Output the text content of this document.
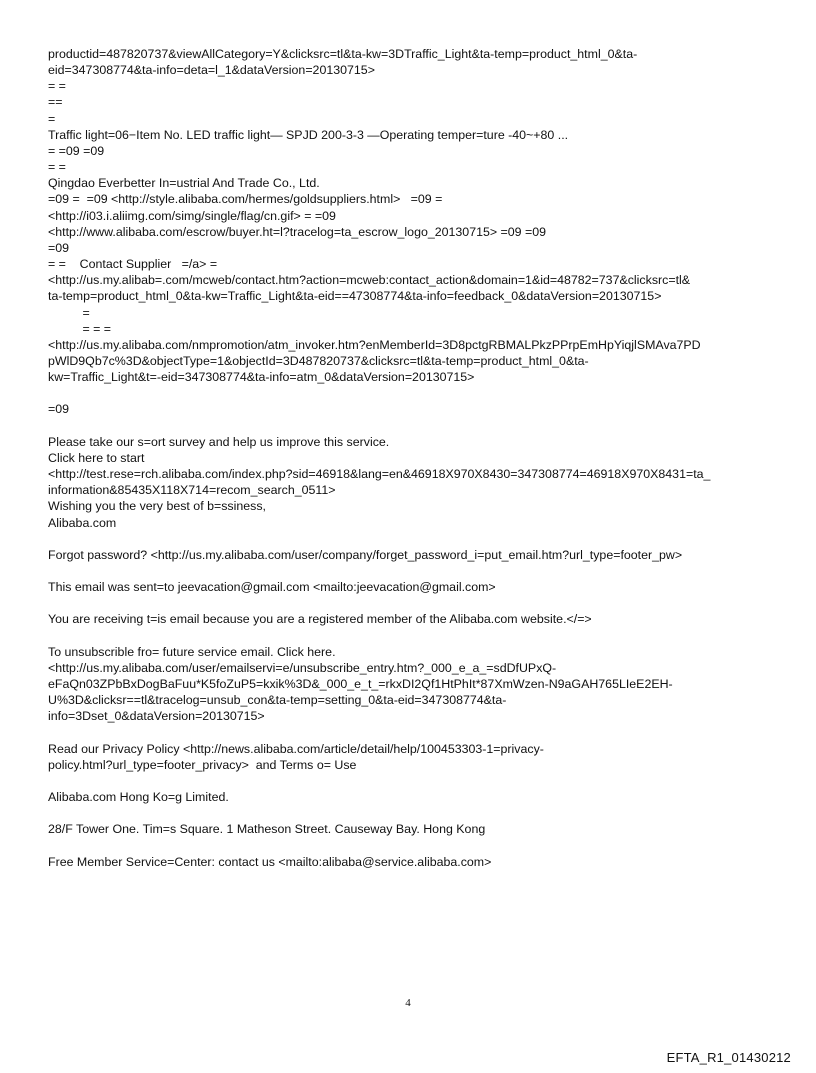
productid=487820737&viewAllCategory=Y&clicksrc=tl&ta-kw=3DTraffic_Light&ta-temp=product_html_0&ta-
eid=347308774&ta-info=deta=l_1&dataVersion=20130715>
= =
==
=
Traffic light=06−Item No. LED traffic light— SPJD 200-3-3 —Operating temper=ture -40~+80 ...
= =09 =09
= =
Qingdao Everbetter In=ustrial And Trade Co., Ltd.
=09 =  =09 <http://style.alibaba.com/hermes/goldsuppliers.html>   =09 =
<http://i03.i.aliimg.com/simg/single/flag/cn.gif> = =09
<http://www.alibaba.com/escrow/buyer.ht=l?tracelog=ta_escrow_logo_20130715> =09 =09
=09
= =    Contact Supplier   =/a> =
<http://us.my.alibab=.com/mcweb/contact.htm?action=mcweb:contact_action&domain=1&id=48782=737&clicksrc=tl&
ta-temp=product_html_0&ta-kw=Traffic_Light&ta-eid==47308774&ta-info=feedback_0&dataVersion=20130715>
=
= = =
<http://us.my.alibaba.com/nmpromotion/atm_invoker.htm?enMemberId=3D8pctgRBMALPkzPPrpEmHpYiqjlSMAva7PD
pWlD9Qb7c%3D&objectType=1&objectId=3D487820737&clicksrc=tl&ta-temp=product_html_0&ta-
kw=Traffic_Light&t=-eid=347308774&ta-info=atm_0&dataVersion=20130715>
=09
Please take our s=ort survey and help us improve this service.
Click here to start
<http://test.rese=rch.alibaba.com/index.php?sid=46918&lang=en&46918X970X8430=347308774=46918X970X8431=ta_
information&85435X118X714=recom_search_0511>
Wishing you the very best of b=ssiness,
Alibaba.com
Forgot password? <http://us.my.alibaba.com/user/company/forget_password_i=put_email.htm?url_type=footer_pw>
This email was sent=to jeevacation@gmail.com <mailto:jeevacation@gmail.com>
You are receiving t=is email because you are a registered member of the Alibaba.com website.</=>
To unsubscrible fro= future service email. Click here.
<http://us.my.alibaba.com/user/emailservi=e/unsubscribe_entry.htm?_000_e_a_=sdDfUPxQ-
eFaQn03ZPbBxDogBaFuu*K5foZuP5=kxik%3D&_000_e_t_=rkxDI2Qf1HtPhIt*87XmWzen-N9aGAH765LIeE2EH-
U%3D&clicksr==tl&tracelog=unsub_con&ta-temp=setting_0&ta-eid=347308774&ta-
info=3Dset_0&dataVersion=20130715>
Read our Privacy Policy <http://news.alibaba.com/article/detail/help/100453303-1=privacy-
policy.html?url_type=footer_privacy>  and Terms o= Use
Alibaba.com Hong Ko=g Limited.
28/F Tower One. Tim=s Square. 1 Matheson Street. Causeway Bay. Hong Kong
Free Member Service=Center: contact us <mailto:alibaba@service.alibaba.com>
4
EFTA_R1_01430212
